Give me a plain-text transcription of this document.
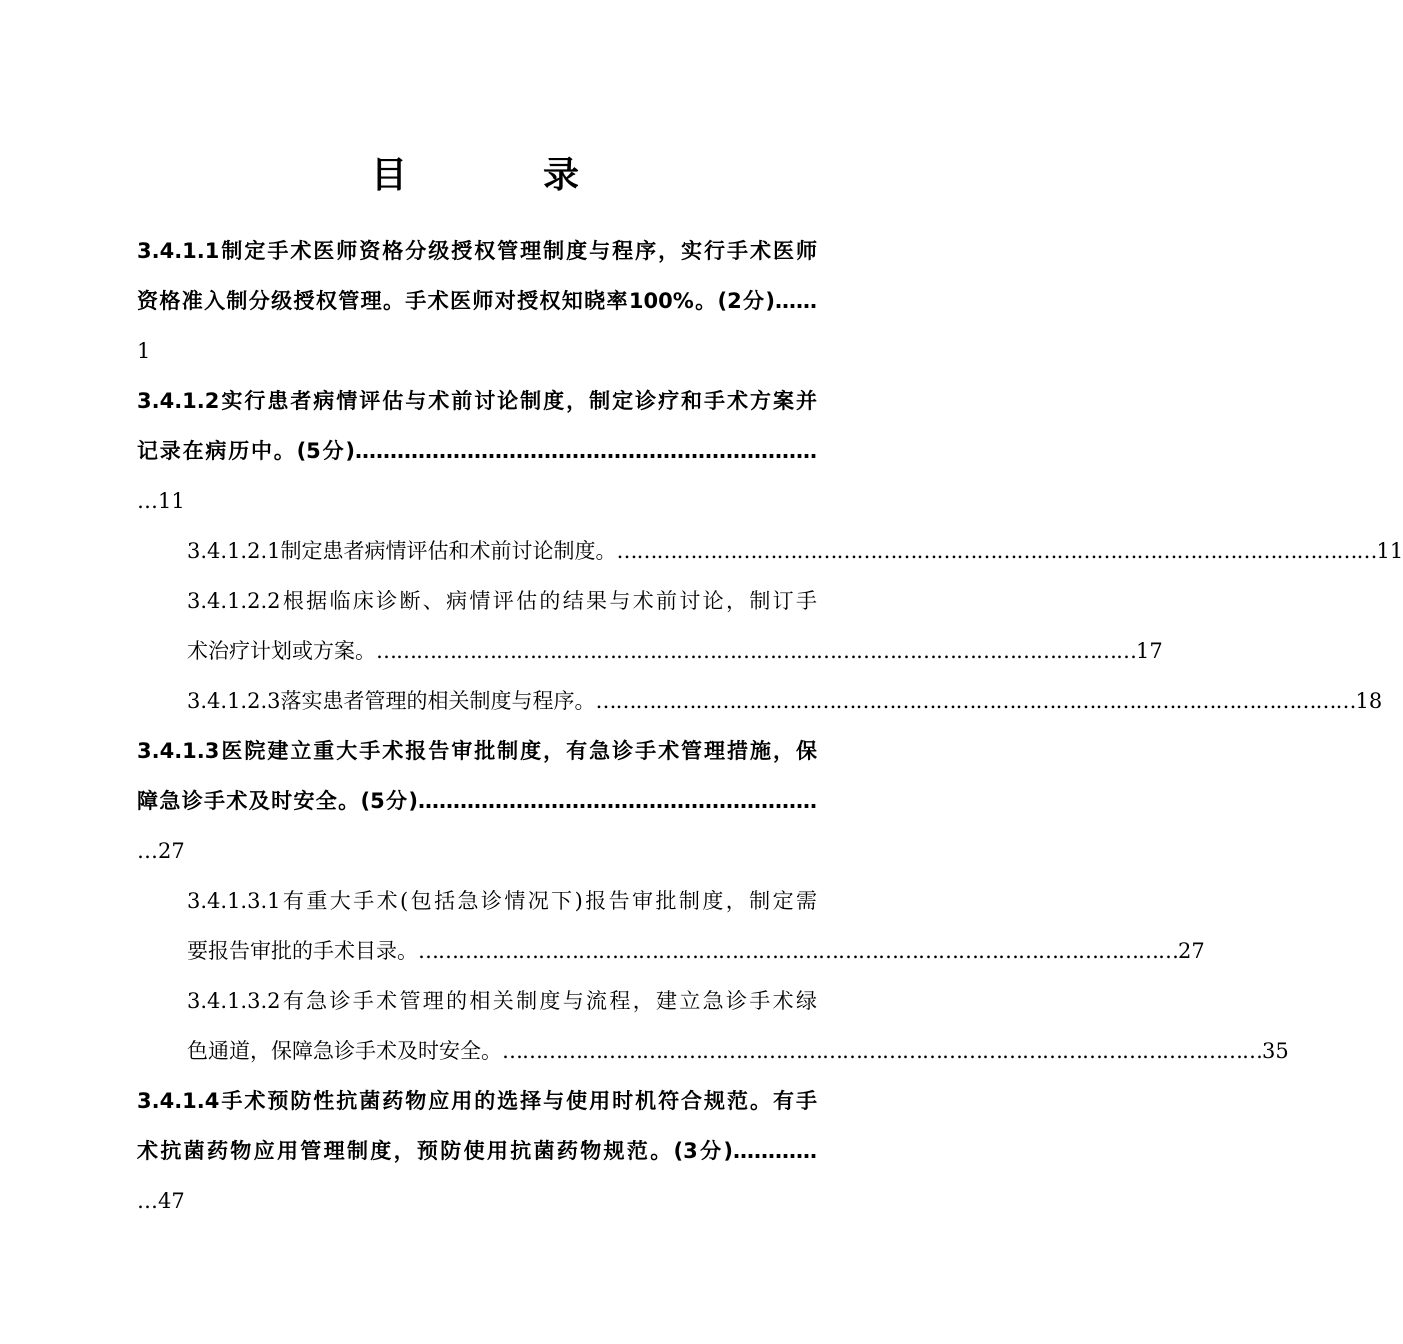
目　录
3.4.1.1制定手术医师资格分级授权管理制度与程序，实行手术医师
资格准入制分级授权管理。手术医师对授权知晓率100%。(2分)……
1
3.4.1.2实行患者病情评估与术前讨论制度，制定诊疗和手术方案并
记录在病历中。(5分)…………………………………………………………
…11
3.4.1.2.1制定患者病情评估和术前讨论制度。 …………………………………………………………………………………………………… 11
3.4.1.2.2根据临床诊断、病情评估的结果与术前讨论，制订手
术治疗计划或方案。 …………………………………………………………………………………………………… 17
3.4.1.2.3落实患者管理的相关制度与程序。 …………………………………………………………………………………………………… 18
3.4.1.3医院建立重大手术报告审批制度，有急诊手术管理措施，保
障急诊手术及时安全。(5分)…………………………………………………
…27
3.4.1.3.1有重大手术(包括急诊情况下)报告审批制度，制定需
要报告审批的手术目录。 …………………………………………………………………………………………………… 27
3.4.1.3.2有急诊手术管理的相关制度与流程，建立急诊手术绿
色通道，保障急诊手术及时安全。 …………………………………………………………………………………………………… 35
3.4.1.4手术预防性抗菌药物应用的选择与使用时机符合规范。有手
术抗菌药物应用管理制度，预防使用抗菌药物规范。(3分)…………
…47
